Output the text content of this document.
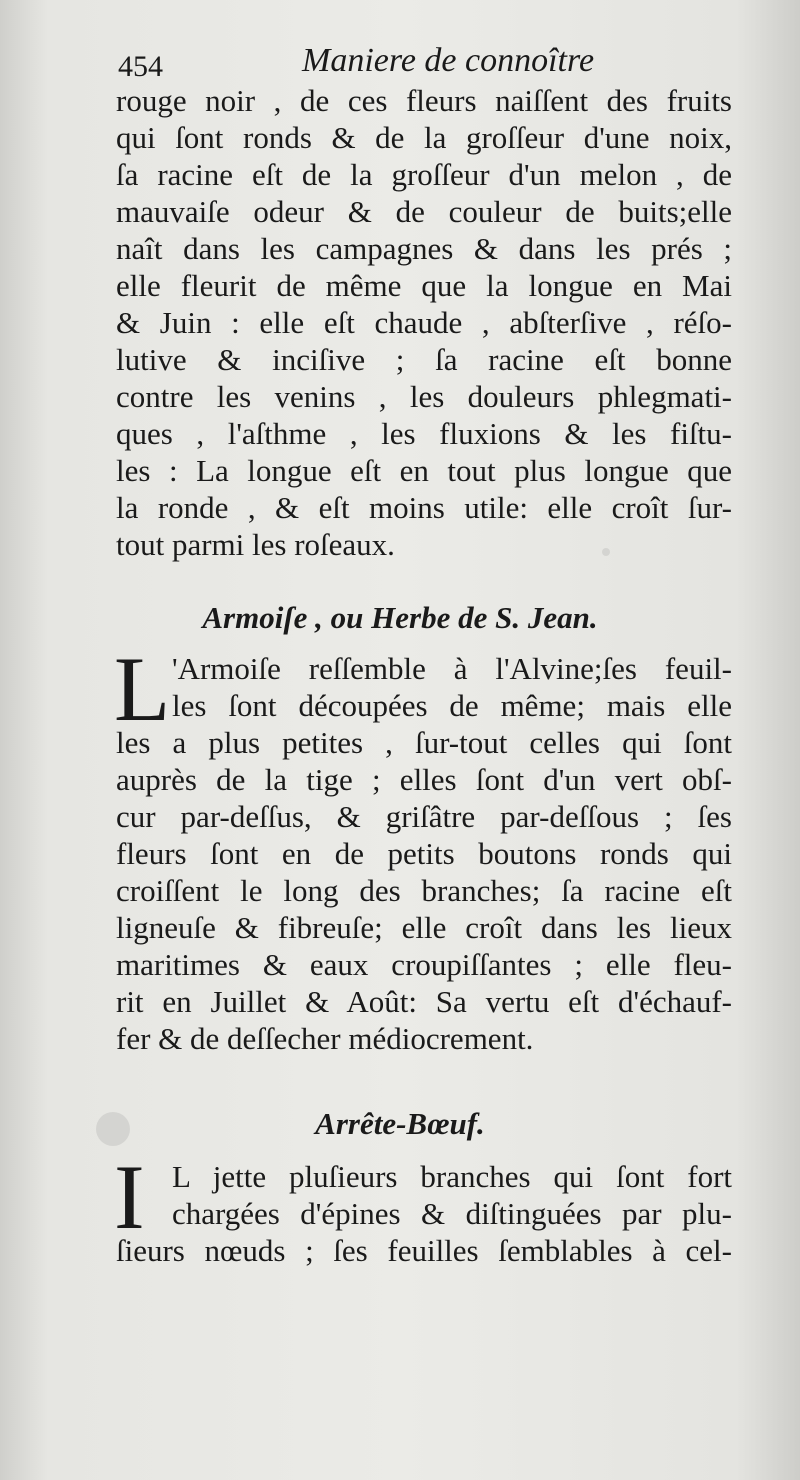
454	Maniere de connoître
rouge noir , de ces fleurs naiſſent des fruits
qui ſont ronds & de la groſſeur d'une noix,
ſa racine eſt de la groſſeur d'un melon , de
mauvaiſe odeur & de couleur de buits;elle
naît dans les campagnes & dans les prés ;
elle fleurit de même que la longue en Mai
& Juin : elle eſt chaude , abſterſive , réſo-
lutive & inciſive ; ſa racine eſt bonne
contre les venins , les douleurs phlegmati-
ques , l'aſthme , les fluxions & les fiſtu-
les : La longue eſt en tout plus longue que
la ronde , & eſt moins utile: elle croît ſur-
tout parmi les roſeaux.
Armoiſe , ou Herbe de S. Jean.
L 'Armoiſe reſſemble à l'Alvine;ſes feuil-
les ſont découpées de même; mais elle
les a plus petites , ſur-tout celles qui ſont
auprès de la tige ; elles ſont d'un vert obſ-
cur par-deſſus, & griſâtre par-deſſous ; ſes
fleurs ſont en de petits boutons ronds qui
croiſſent le long des branches; ſa racine eſt
ligneuſe & fibreuſe; elle croît dans les lieux
maritimes & eaux croupiſſantes ; elle fleu-
rit en Juillet & Août: Sa vertu eſt d'échauf-
fer & de deſſecher médiocrement.
Arrête-Bœuf.
I L jette pluſieurs branches qui ſont fort
chargées d'épines & diſtinguées par plu-
ſieurs nœuds ; ſes feuilles ſemblables à cel-
